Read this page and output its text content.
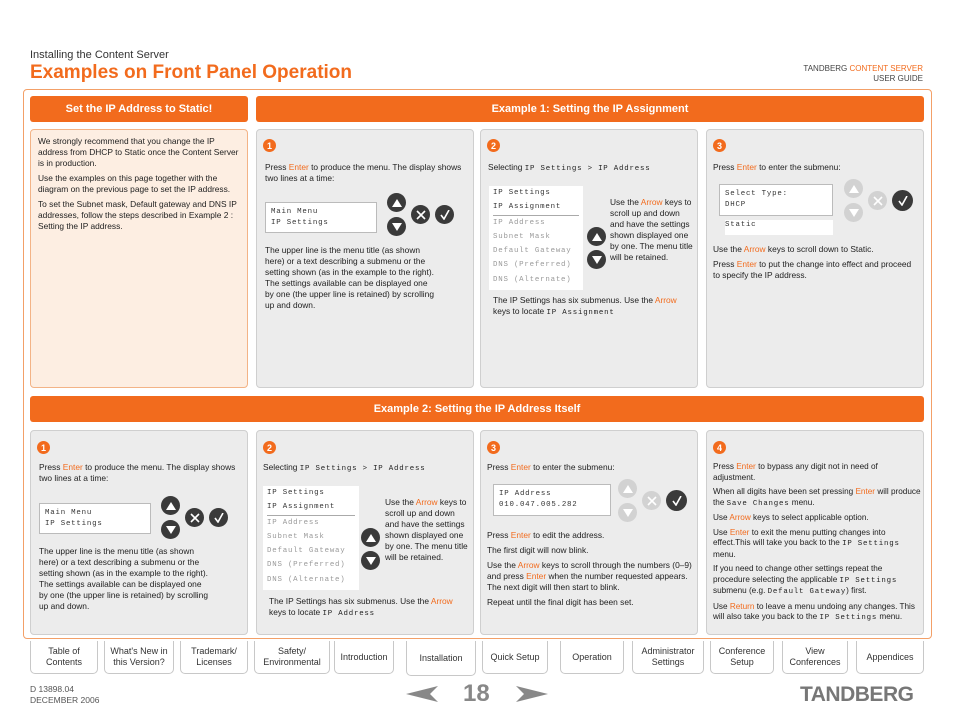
Installing the Content Server
Examples on Front Panel Operation	TANDBERG CONTENT SERVER
USER GUIDE
Set the IP Address to Static!	Example 1: Setting the IP Assignment

We strongly recommend that you change the IP address from DHCP to Static once the Content Server is in production.

Use the examples on this page together with the diagram on the previous page to set the IP address.

To set the Subnet mask, Default gateway and DNS IP addresses, follow the steps described in Example 2 : Setting the IP address.

1
Press Enter to produce the menu. The display shows two lines at a time:
Main Menu
IP Settings
The upper line is the menu title (as shown here) or a text describing a submenu or the setting shown (as in the example to the right). The settings available can be displayed one by one (the upper line is retained) by scrolling up and down.
2
Selecting IP Settings > IP Address
IP Settings
IP Assignment
IP Address
Subnet Mask
Default Gateway
DNS (Preferred)
DNS (Alternate)
Use the Arrow keys to scroll up and down and have the settings shown displayed one by one. The menu title will be retained.
The IP Settings has six submenus. Use the Arrow keys to locate IP Assignment
3
Press Enter to enter the submenu:
Select Type:
DHCP
Static

Use the Arrow keys to scroll down to Static.

Press Enter to put the change into effect and proceed to specify the IP address.

Example 2: Setting the IP Address Itself
1
Press Enter to produce the menu. The display shows two lines at a time:
Main Menu
IP Settings
The upper line is the menu title (as shown here) or a text describing a submenu or the setting shown (as in the example to the right). The settings available can be displayed one by one (the upper line is retained) by scrolling up and down.
2
Selecting IP Settings > IP Address
IP Settings
IP Assignment
IP Address
Subnet Mask
Default Gateway
DNS (Preferred)
DNS (Alternate)
Use the Arrow keys to scroll up and down and have the settings shown displayed one by one. The menu title will be retained.
The IP Settings has six submenus. Use the Arrow keys to locate IP Address
3
Press Enter to enter the submenu:
IP Address
010.047.005.282

Press Enter to edit the address.

The first digit will now blink.

Use the Arrow keys to scroll through the numbers (0–9) and press Enter when the number requested appears. The next digit will then start to blink.

Repeat until the final digit has been set.

4

Press Enter to bypass any digit not in need of adjustment.

When all digits have been set pressing Enter will produce the Save Changes menu.

Use Arrow keys to select applicable option.

Use Enter to exit the menu putting changes into effect.This will take you back to the IP Settings menu.

If you need to change other settings repeat the procedure selecting the applicable IP Settings submenu (e.g. Default Gateway) first.

Use Return to leave a menu undoing any changes. This will also take you back to the IP Settings menu.

Table of Contents
What's New in this Version?
Trademark/ Licenses
Safety/ Environmental
Introduction	Installation	Quick Setup	Operation
Administrator Settings
Conference Setup
View Conferences
Appendices
D 13898.04
DECEMBER 2006	18	TANDBERG
